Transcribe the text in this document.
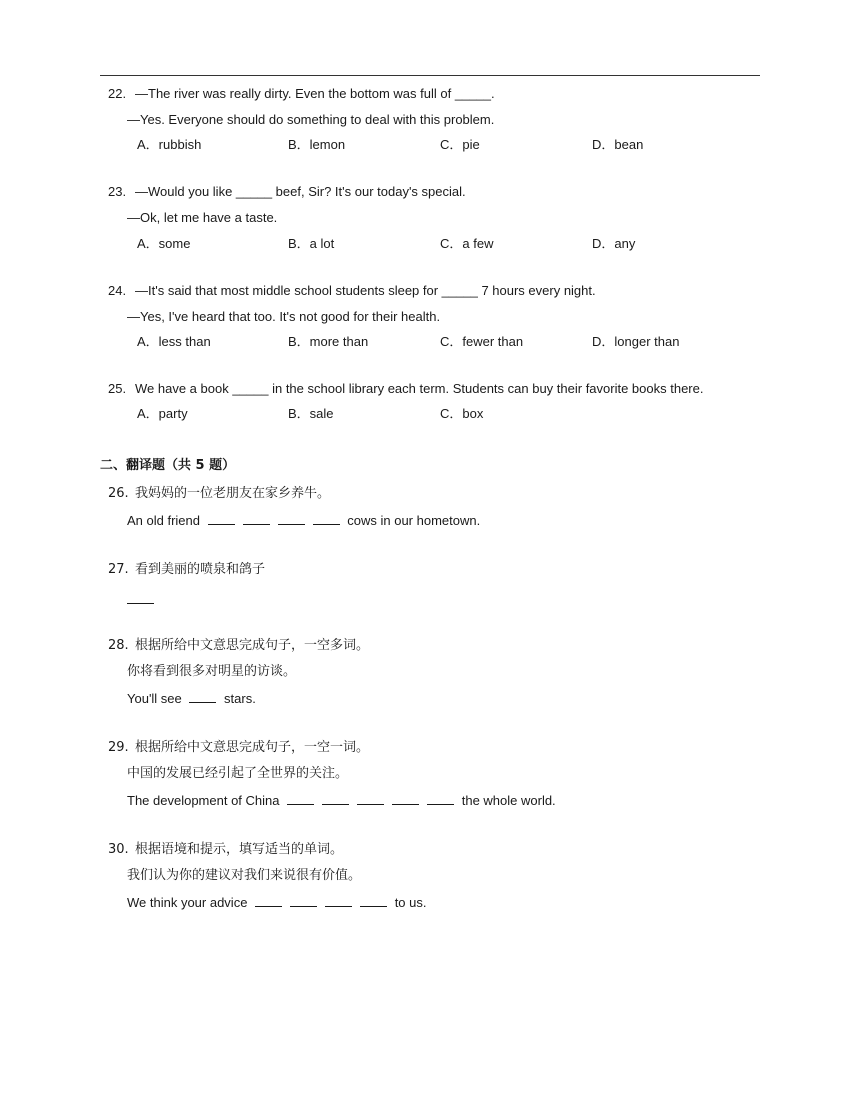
22. —The river was really dirty. Even the bottom was full of _____.
—Yes. Everyone should do something to deal with this problem.
A．rubbish	B．lemon	C．pie	D．bean
23. —Would you like _____ beef, Sir? It's our today's special.
—Ok, let me have a taste.
A．some	B．a lot	C．a few	D．any
24. —It's said that most middle school students sleep for _____ 7 hours every night.
—Yes, I've heard that too. It's not good for their health.
A．less than	B．more than	C．fewer than	D．longer than
25. We have a book _____ in the school library each term. Students can buy their favorite books there.
A．party	B．sale	C．box
二、翻译题（共 5 题）
26. 我妈妈的一位老朋友在家乡养牛。
An old friend	cows in our hometown.
27. 看到美丽的喷泉和鸽子
28. 根据所给中文意思完成句子，一空多词。
你将看到很多对明星的访谈。
You'll see	stars.
29. 根据所给中文意思完成句子，一空一词。
中国的发展已经引起了全世界的关注。
The development of China	the whole world.
30. 根据语境和提示，填写适当的单词。
我们认为你的建议对我们来说很有价值。
We think your advice	to us.
